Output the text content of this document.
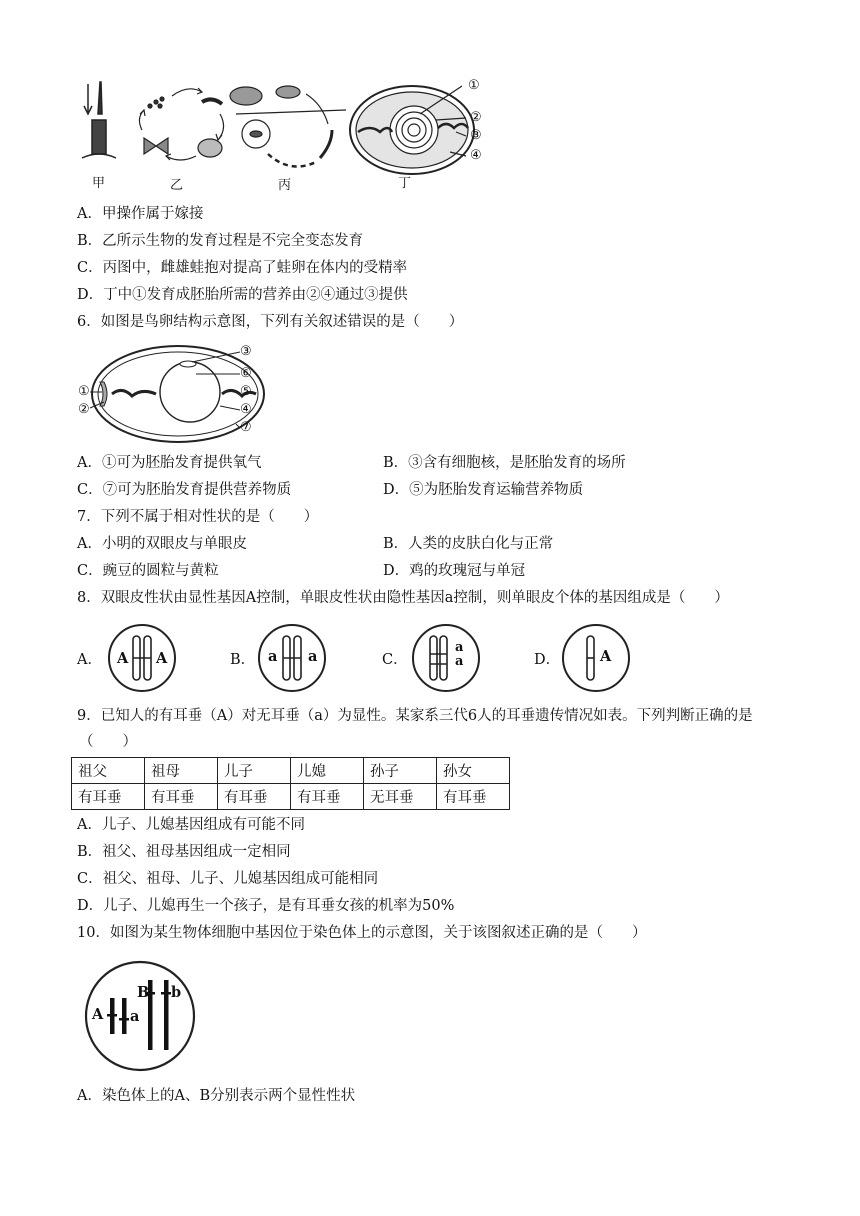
甲	乙	丙	丁
①
②
③
④
A．甲操作属于嫁接
B．乙所示生物的发育过程是不完全变态发育
C．丙图中，雌雄蛙抱对提高了蛙卵在体内的受精率
D．丁中①发育成胚胎所需的营养由②④通过③提供
6．如图是鸟卵结构示意图，下列有关叙述错误的是（　　）
③
⑥
①	⑤
②	④
⑦
A．①可为胚胎发育提供氧气	B．③含有细胞核，是胚胎发育的场所
C．⑦可为胚胎发育提供营养物质	D．⑤为胚胎发育运输营养物质
7．下列不属于相对性状的是（　　）
A．小明的双眼皮与单眼皮	B．人类的皮肤白化与正常
C．豌豆的圆粒与黄粒	D．鸡的玫瑰冠与单冠
8．双眼皮性状由显性基因A控制，单眼皮性状由隐性基因a控制，则单眼皮个体的基因组成是（　　）
A． A A	B． a a	C．
a
a	D．	A
9．已知人的有耳垂（A）对无耳垂（a）为显性。某家系三代6人的耳垂遗传情况如表。下列判断正确的是
（　　）
祖父	祖母	儿子	儿媳	孙子	孙女
有耳垂	有耳垂	有耳垂	有耳垂	无耳垂	有耳垂
A．儿子、儿媳基因组成有可能不同
B．祖父、祖母基因组成一定相同
C．祖父、祖母、儿子、儿媳基因组成可能相同
D．儿子、儿媳再生一个孩子，是有耳垂女孩的机率为50%
10．如图为某生物体细胞中基因位于染色体上的示意图，关于该图叙述正确的是（　　）
A a
B b
A．染色体上的A、B分别表示两个显性性状
